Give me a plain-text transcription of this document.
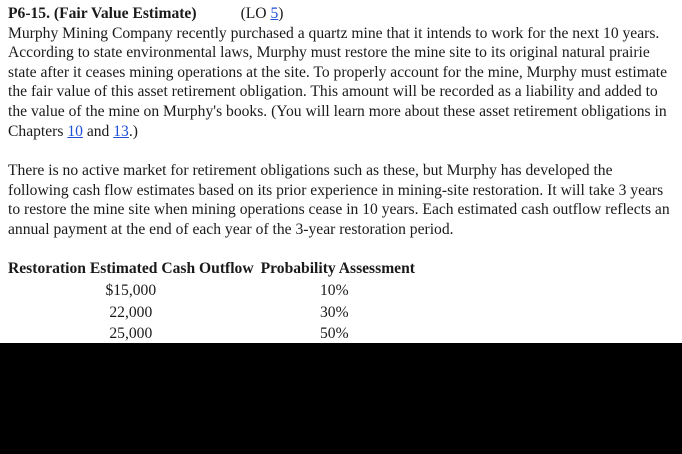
P6-15. (Fair Value Estimate)	(LO 5)

Murphy Mining Company recently purchased a quartz mine that it intends to work for the next 10 years. According to state environmental laws, Murphy must restore the mine site to its original natural prairie state after it ceases mining operations at the site. To properly account for the mine, Murphy must estimate the fair value of this asset retirement obligation. This amount will be recorded as a liability and added to the value of the mine on Murphy's books. (You will learn more about these asset retirement obligations in Chapters 10 and 13.)

There is no active market for retirement obligations such as these, but Murphy has developed the following cash flow estimates based on its prior experience in mining-site restoration. It will take 3 years to restore the mine site when mining operations cease in 10 years. Each estimated cash outflow reflects an annual payment at the end of each year of the 3-year restoration period.

Restoration Estimated Cash Outflow	Probability Assessment
$15,000	10%
22,000	30%
25,000	50%
